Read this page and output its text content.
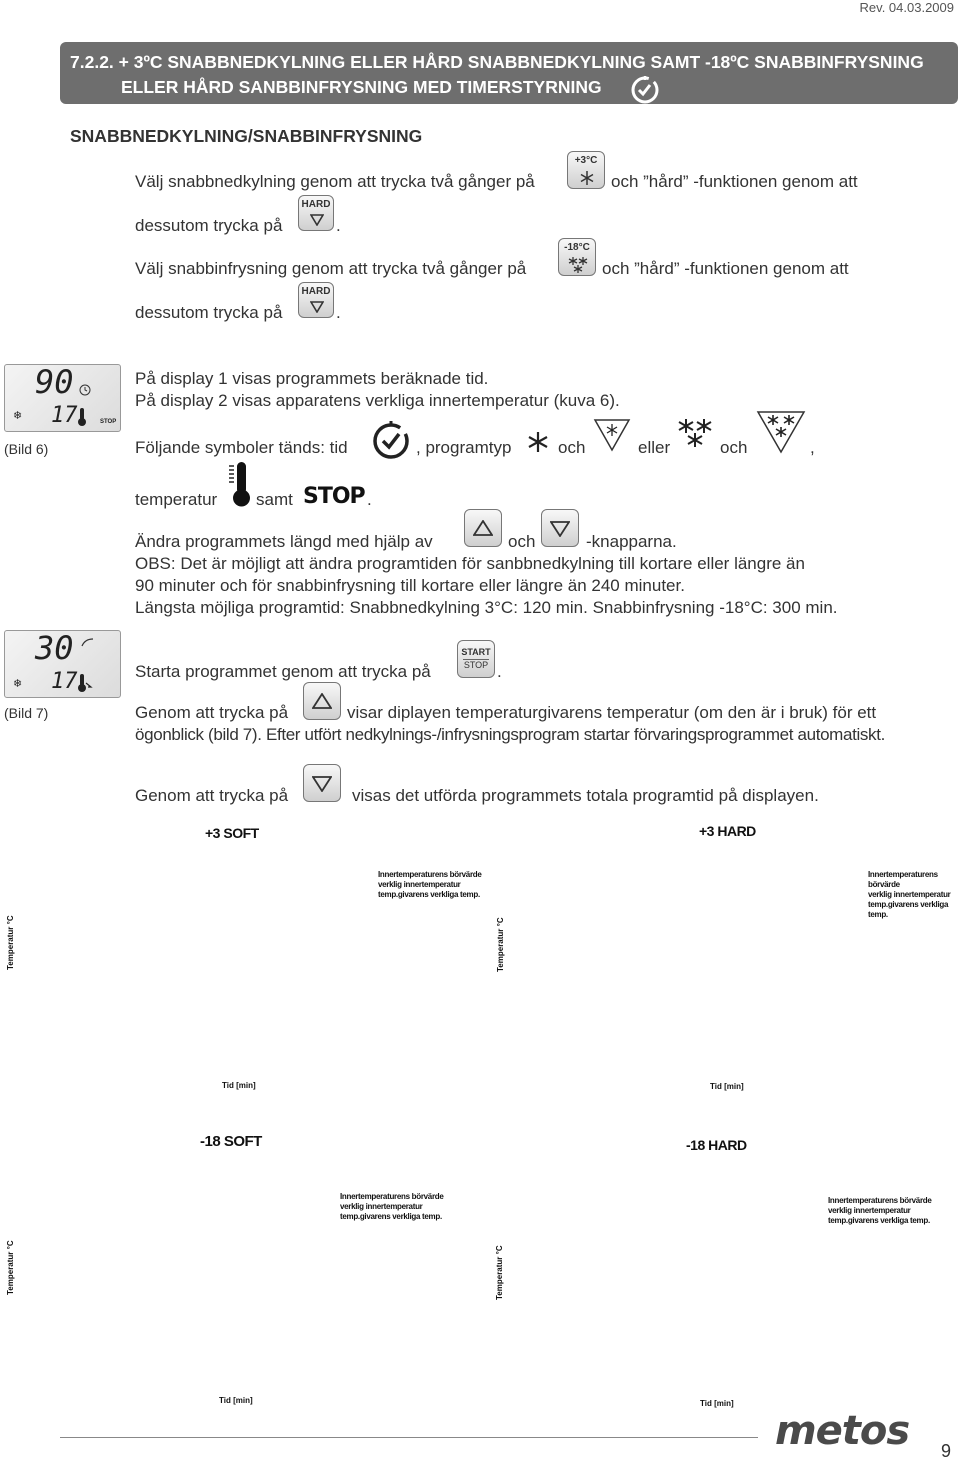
Rev. 04.03.2009
7.2.2. + 3ºC SNABBNEDKYLNING ELLER HÅRD SNABBNEDKYLNING SAMT -18ºC SNABBINFRYSNING
ELLER HÅRD SANBBINFRYSNING MED TIMERSTYRNING
SNABBNEDKYLNING/SNABBINFRYSNING
Välj snabbnedkylning genom att trycka två gånger på
+3°C
och ”hård” -funktionen genom att
dessutom trycka på
HARD
.
Välj snabbinfrysning genom att trycka två gånger på
-18°C
och ”hård” -funktionen genom att
dessutom trycka på
HARD
.
90
❄ 17	STOP
(Bild 6)
På display 1 visas programmets beräknade tid.
På display 2 visas apparatens verkliga innertemperatur (kuva 6).
Följande symboler tänds: tid	, programtyp	och	eller	och	,
temperatur samt STOP .
Ändra programmets längd med hjälp av	och	-knapparna.
OBS: Det är möjligt att ändra programtiden för sanbbnedkylning till kortare eller längre än
90 minuter och för snabbinfrysning till kortare eller längre än 240 minuter.
Längsta möjliga programtid: Snabbnedkylning 3°C: 120 min. Snabbinfrysning -18°C: 300 min.
30
❄ 17
(Bild 7)
Starta programmet genom att trycka på
START
STOP .
Genom att trycka på	visar diplayen temperaturgivarens temperatur (om den är i bruk) för ett
ögonblick (bild 7). Efter utfört nedkylnings-/infrysningsprogram startar förvaringsprogrammet automatiskt.
Genom att trycka på	visas det utförda programmets totala programtid på displayen.
+3 SOFT
Innertemperaturens börvärde
verklig innertemperatur
temp.givarens verkliga temp.
Temperatur °C
Tid [min]
+3 HARD
Innertemperaturens börvärde
verklig innertemperatur
temp.givarens verkliga temp.
Temperatur °C
Tid [min]
-18 SOFT
Innertemperaturens börvärde
verklig innertemperatur
temp.givarens verkliga temp.
Temperatur °C
Tid [min]
-18 HARD
Innertemperaturens börvärde
verklig innertemperatur
temp.givarens verkliga temp.
Temperatur °C
Tid [min]
metos 9
